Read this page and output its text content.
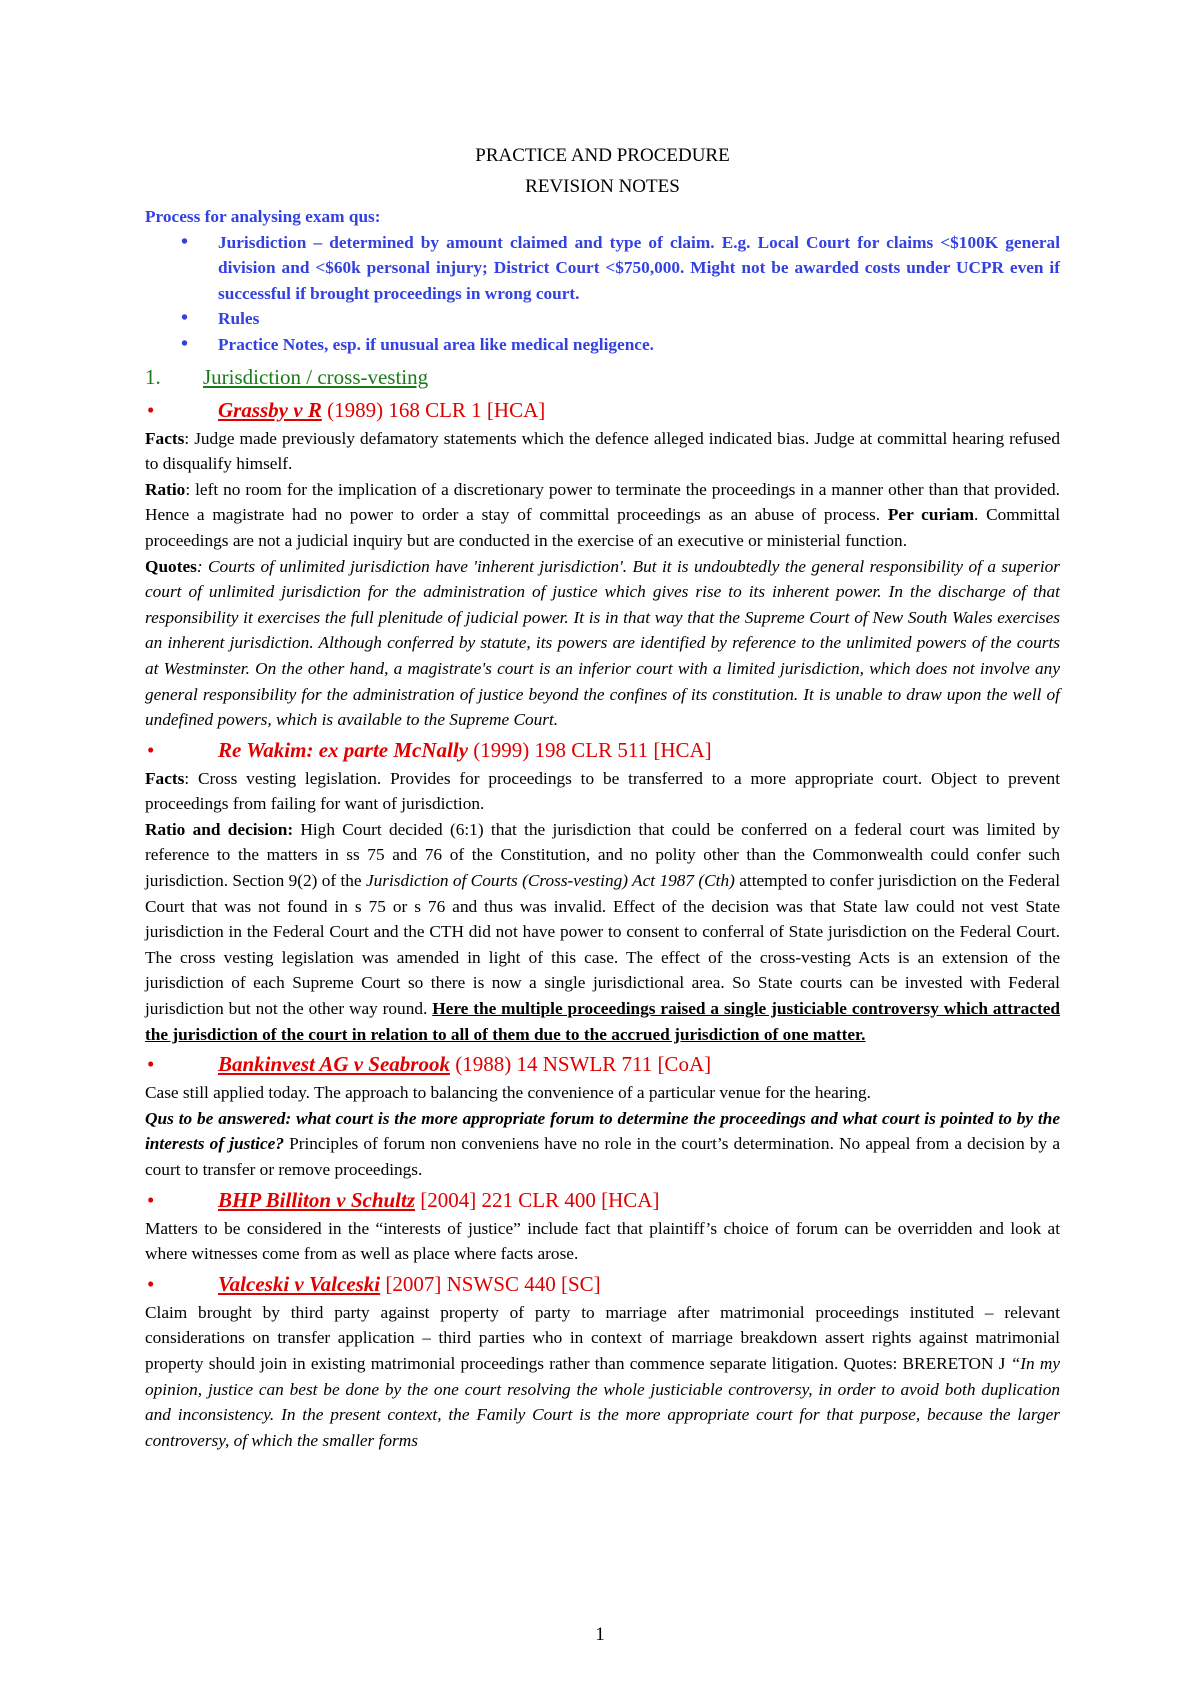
PRACTICE AND PROCEDURE
REVISION NOTES
Process for analysing exam qus:
• Jurisdiction – determined by amount claimed and type of claim. E.g. Local Court for claims <$100K general division and <$60k personal injury; District Court <$750,000. Might not be awarded costs under UCPR even if successful if brought proceedings in wrong court.
• Rules
• Practice Notes, esp. if unusual area like medical negligence.
1. Jurisdiction / cross-vesting
•	Grassby v R (1989) 168 CLR 1 [HCA]

Facts: Judge made previously defamatory statements which the defence alleged indicated bias. Judge at committal hearing refused to disqualify himself.

Ratio: left no room for the implication of a discretionary power to terminate the proceedings in a manner other than that provided. Hence a magistrate had no power to order a stay of committal proceedings as an abuse of process. Per curiam. Committal proceedings are not a judicial inquiry but are conducted in the exercise of an executive or ministerial function.

Quotes: Courts of unlimited jurisdiction have 'inherent jurisdiction'. But it is undoubtedly the general responsibility of a superior court of unlimited jurisdiction for the administration of justice which gives rise to its inherent power. In the discharge of that responsibility it exercises the full plenitude of judicial power. It is in that way that the Supreme Court of New South Wales exercises an inherent jurisdiction. Although conferred by statute, its powers are identified by reference to the unlimited powers of the courts at Westminster. On the other hand, a magistrate's court is an inferior court with a limited jurisdiction, which does not involve any general responsibility for the administration of justice beyond the confines of its constitution. It is unable to draw upon the well of undefined powers, which is available to the Supreme Court.

•	Re Wakim: ex parte McNally (1999) 198 CLR 511 [HCA]

Facts: Cross vesting legislation. Provides for proceedings to be transferred to a more appropriate court. Object to prevent proceedings from failing for want of jurisdiction.

Ratio and decision: High Court decided (6:1) that the jurisdiction that could be conferred on a federal court was limited by reference to the matters in ss 75 and 76 of the Constitution, and no polity other than the Commonwealth could confer such jurisdiction. Section 9(2) of the Jurisdiction of Courts (Cross-vesting) Act 1987 (Cth) attempted to confer jurisdiction on the Federal Court that was not found in s 75 or s 76 and thus was invalid. Effect of the decision was that State law could not vest State jurisdiction in the Federal Court and the CTH did not have power to consent to conferral of State jurisdiction on the Federal Court. The cross vesting legislation was amended in light of this case. The effect of the cross-vesting Acts is an extension of the jurisdiction of each Supreme Court so there is now a single jurisdictional area. So State courts can be invested with Federal jurisdiction but not the other way round. Here the multiple proceedings raised a single justiciable controversy which attracted the jurisdiction of the court in relation to all of them due to the accrued jurisdiction of one matter.

•	Bankinvest AG v Seabrook (1988) 14 NSWLR 711 [CoA]

Case still applied today. The approach to balancing the convenience of a particular venue for the hearing.

Qus to be answered: what court is the more appropriate forum to determine the proceedings and what court is pointed to by the interests of justice? Principles of forum non conveniens have no role in the court’s determination. No appeal from a decision by a court to transfer or remove proceedings.

•	BHP Billiton v Schultz [2004] 221 CLR 400 [HCA]

Matters to be considered in the “interests of justice” include fact that plaintiff’s choice of forum can be overridden and look at where witnesses come from as well as place where facts arose.

•	Valceski v Valceski [2007] NSWSC 440 [SC]

Claim brought by third party against property of party to marriage after matrimonial proceedings instituted – relevant considerations on transfer application – third parties who in context of marriage breakdown assert rights against matrimonial property should join in existing matrimonial proceedings rather than commence separate litigation. Quotes: BRERETON J “In my opinion, justice can best be done by the one court resolving the whole justiciable controversy, in order to avoid both duplication and inconsistency. In the present context, the Family Court is the more appropriate court for that purpose, because the larger controversy, of which the smaller forms

1
